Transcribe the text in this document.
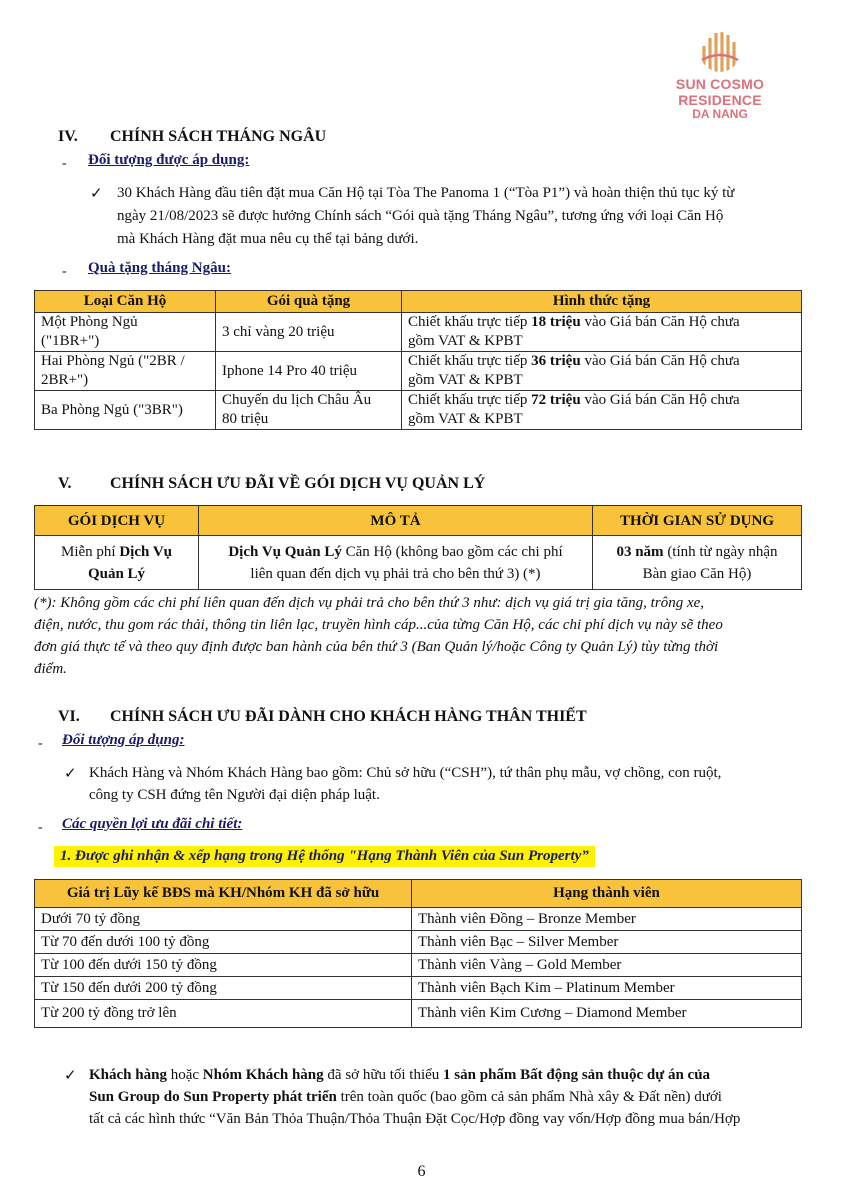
SUN COSMO RESIDENCE
DA NANG
IV. CHÍNH SÁCH THÁNG NGÂU
- Đối tượng được áp dụng:
✓ 30 Khách Hàng đầu tiên đặt mua Căn Hộ tại Tòa The Panoma 1 (“Tòa P1”) và hoàn thiện thủ tục ký từ
ngày 21/08/2023 sẽ được hưởng Chính sách “Gói quà tặng Tháng Ngâu”, tương ứng với loại Căn Hộ
mà Khách Hàng đặt mua nêu cụ thể tại bảng dưới.
- Quà tặng tháng Ngâu:
Loại Căn Hộ	Gói quà tặng	Hình thức tặng
Một Phòng Ngủ
("1BR+")	3 chỉ vàng 20 triệu	Chiết khấu trực tiếp 18 triệu vào Giá bán Căn Hộ chưa
gồm VAT & KPBT
Hai Phòng Ngủ ("2BR /
2BR+")	Iphone 14 Pro 40 triệu	Chiết khấu trực tiếp 36 triệu vào Giá bán Căn Hộ chưa
gồm VAT & KPBT
Ba Phòng Ngủ ("3BR")	Chuyến du lịch Châu Âu
80 triệu	Chiết khấu trực tiếp 72 triệu vào Giá bán Căn Hộ chưa
gồm VAT & KPBT
V. CHÍNH SÁCH ƯU ĐÃI VỀ GÓI DỊCH VỤ QUẢN LÝ
GÓI DỊCH VỤ	MÔ TẢ	THỜI GIAN SỬ DỤNG
Miễn phí Dịch Vụ
Quản Lý	Dịch Vụ Quản Lý Căn Hộ (không bao gồm các chi phí
liên quan đến dịch vụ phải trả cho bên thứ 3) (*)	03 năm (tính từ ngày nhận
Bàn giao Căn Hộ)
(*): Không gồm các chi phí liên quan đến dịch vụ phải trả cho bên thứ 3 như: dịch vụ giá trị gia tăng, trông xe,
điện, nước, thu gom rác thải, thông tin liên lạc, truyền hình cáp...của từng Căn Hộ, các chi phí dịch vụ này sẽ theo
đơn giá thực tế và theo quy định được ban hành của bên thứ 3 (Ban Quản lý/hoặc Công ty Quản Lý) tùy từng thời
điểm.
VI. CHÍNH SÁCH ƯU ĐÃI DÀNH CHO KHÁCH HÀNG THÂN THIẾT
- Đối tượng áp dụng:
✓ Khách Hàng và Nhóm Khách Hàng bao gồm: Chủ sở hữu (“CSH”), tứ thân phụ mẫu, vợ chồng, con ruột,
công ty CSH đứng tên Người đại diện pháp luật.
- Các quyền lợi ưu đãi chi tiết:
1. Được ghi nhận & xếp hạng trong Hệ thống "Hạng Thành Viên của Sun Property”
Giá trị Lũy kế BĐS mà KH/Nhóm KH đã sở hữu	Hạng thành viên
Dưới 70 tỷ đồng	Thành viên Đồng – Bronze Member
Từ 70 đến dưới 100 tỷ đồng	Thành viên Bạc – Silver Member
Từ 100 đến dưới 150 tỷ đồng	Thành viên Vàng – Gold Member
Từ 150 đến dưới 200 tỷ đồng	Thành viên Bạch Kim – Platinum Member
Từ 200 tỷ đồng trở lên	Thành viên Kim Cương – Diamond Member
✓ Khách hàng hoặc Nhóm Khách hàng đã sở hữu tối thiểu 1 sản phẩm Bất động sản thuộc dự án của
Sun Group do Sun Property phát triển trên toàn quốc (bao gồm cả sản phẩm Nhà xây & Đất nền) dưới
tất cả các hình thức “Văn Bản Thỏa Thuận/Thỏa Thuận Đặt Cọc/Hợp đồng vay vốn/Hợp đồng mua bán/Hợp
6
